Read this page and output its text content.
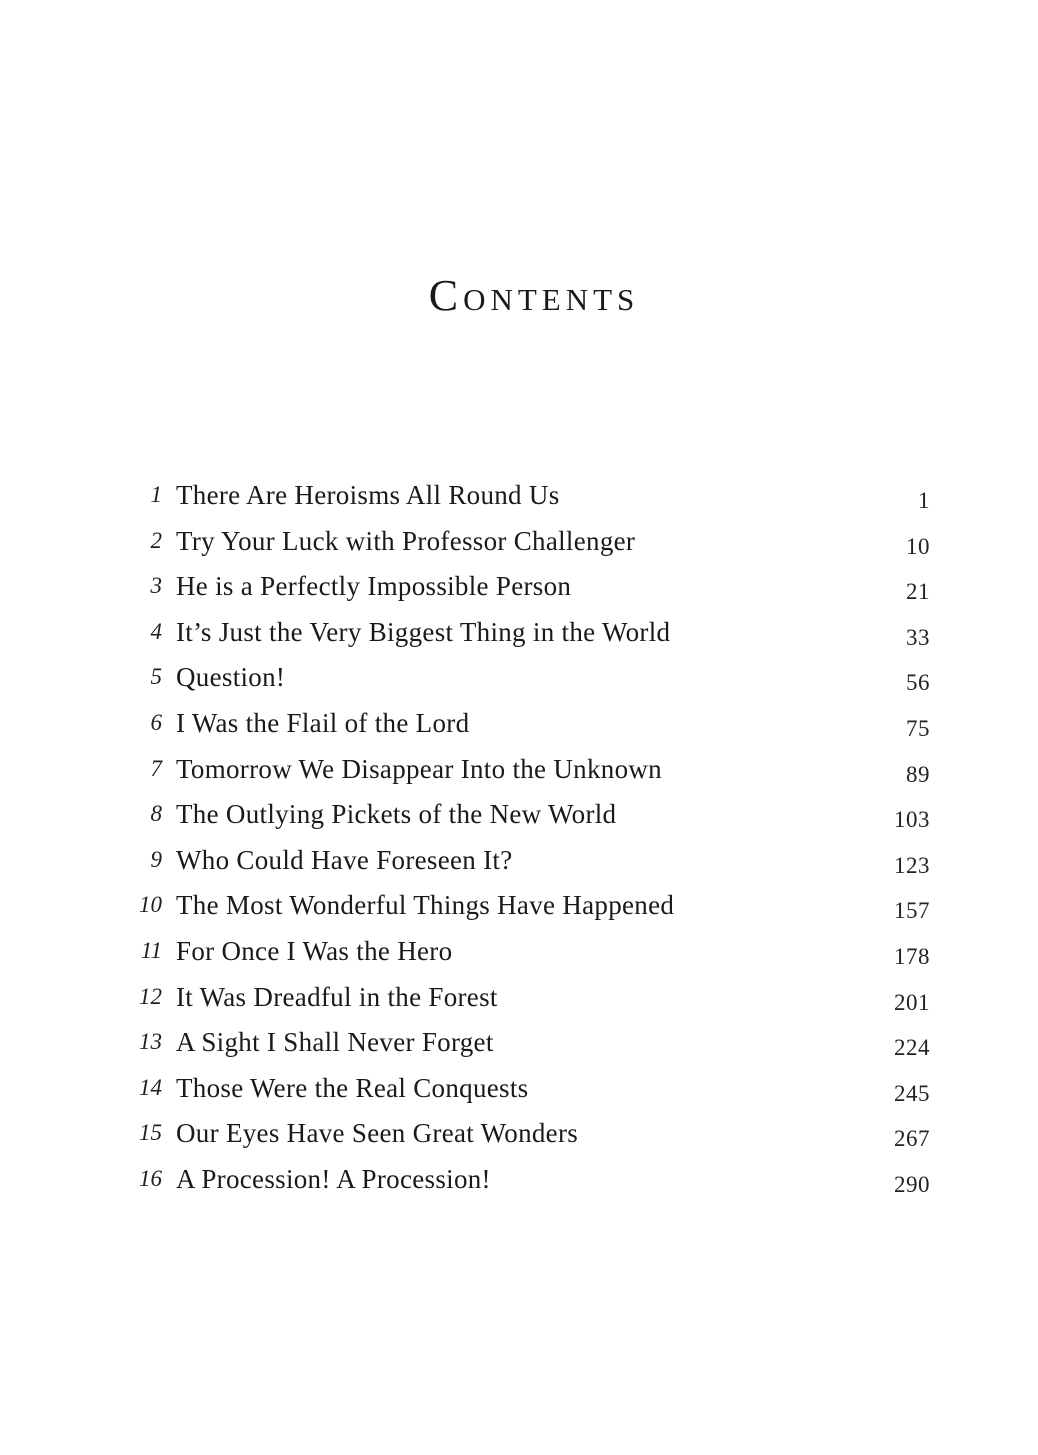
Contents
1 There Are Heroisms All Round Us	1
2 Try Your Luck with Professor Challenger	10
3 He is a Perfectly Impossible Person	21
4 It’s Just the Very Biggest Thing in the World	33
5 Question!	56
6 I Was the Flail of the Lord	75
7 Tomorrow We Disappear Into the Unknown	89
8 The Outlying Pickets of the New World	103
9 Who Could Have Foreseen It?	123
10 The Most Wonderful Things Have Happened	157
11 For Once I Was the Hero	178
12 It Was Dreadful in the Forest	201
13 A Sight I Shall Never Forget	224
14 Those Were the Real Conquests	245
15 Our Eyes Have Seen Great Wonders	267
16 A Procession! A Procession!	290
